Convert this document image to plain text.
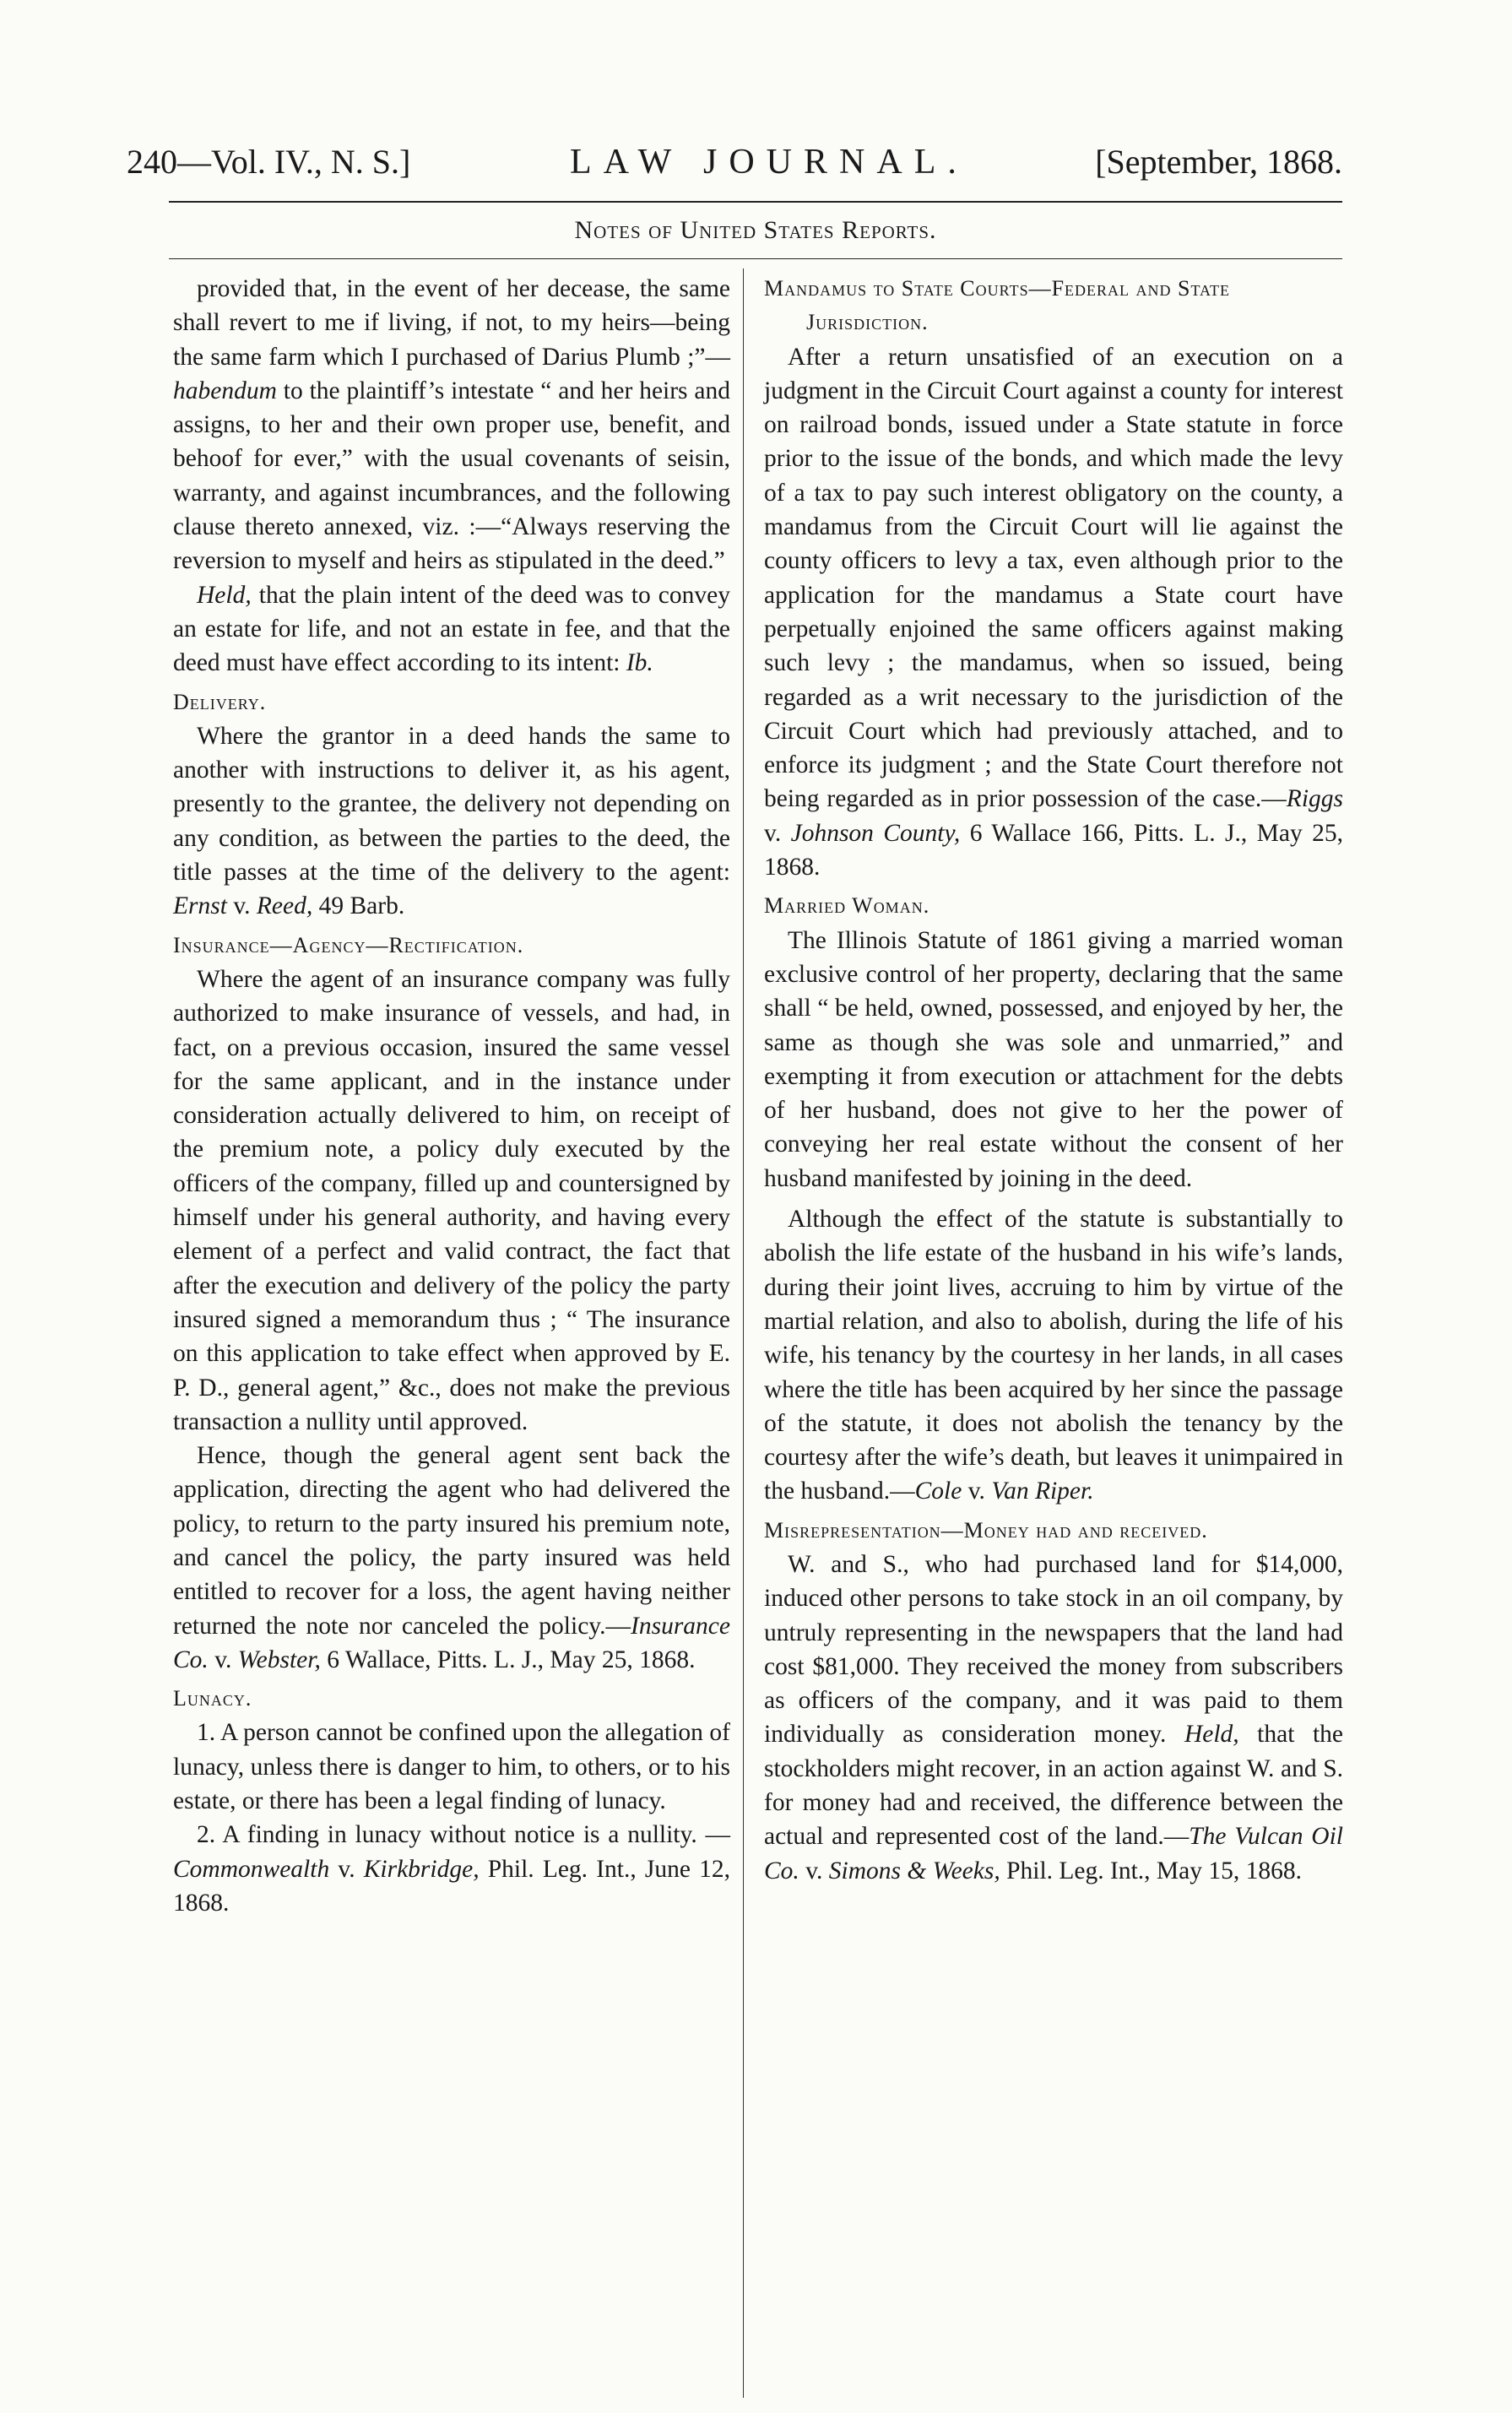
240—Vol. IV., N. S.]	LAW JOURNAL.	[September, 1868.
Notes of United States Reports.

provided that, in the event of her decease, the same shall revert to me if living, if not, to my heirs—being the same farm which I purchased of Darius Plumb ;”—habendum to the plaintiff’s intestate “ and her heirs and assigns, to her and their own proper use, benefit, and behoof for ever,” with the usual covenants of seisin, warranty, and against incumbrances, and the following clause thereto annexed, viz. :—“Always reserving the reversion to myself and heirs as stipulated in the deed.”

Held, that the plain intent of the deed was to convey an estate for life, and not an estate in fee, and that the deed must have effect according to its intent: Ib.

Delivery.

Where the grantor in a deed hands the same to another with instructions to deliver it, as his agent, presently to the grantee, the delivery not depending on any condition, as between the parties to the deed, the title passes at the time of the delivery to the agent: Ernst v. Reed, 49 Barb.

Insurance—Agency—Rectification.

Where the agent of an insurance company was fully authorized to make insurance of vessels, and had, in fact, on a previous occasion, insured the same vessel for the same applicant, and in the instance under consideration actually delivered to him, on receipt of the premium note, a policy duly executed by the officers of the company, filled up and countersigned by himself under his general authority, and having every element of a perfect and valid contract, the fact that after the execution and delivery of the policy the party insured signed a memorandum thus ; “ The insurance on this application to take effect when approved by E. P. D., general agent,” &c., does not make the previous transaction a nullity until approved.

Hence, though the general agent sent back the application, directing the agent who had delivered the policy, to return to the party insured his premium note, and cancel the policy, the party insured was held entitled to recover for a loss, the agent having neither returned the note nor canceled the policy.—Insurance Co. v. Webster, 6 Wallace, Pitts. L. J., May 25, 1868.

Lunacy.

1. A person cannot be confined upon the allegation of lunacy, unless there is danger to him, to others, or to his estate, or there has been a legal finding of lunacy.

2. A finding in lunacy without notice is a nullity. — Commonwealth v. Kirkbridge, Phil. Leg. Int., June 12, 1868.

Mandamus to State Courts—Federal and State
Jurisdiction.

After a return unsatisfied of an execution on a judgment in the Circuit Court against a county for interest on railroad bonds, issued under a State statute in force prior to the issue of the bonds, and which made the levy of a tax to pay such interest obligatory on the county, a mandamus from the Circuit Court will lie against the county officers to levy a tax, even although prior to the application for the mandamus a State court have perpetually enjoined the same officers against making such levy ; the mandamus, when so issued, being regarded as a writ necessary to the jurisdiction of the Circuit Court which had previously attached, and to enforce its judgment ; and the State Court therefore not being regarded as in prior possession of the case.—Riggs v. Johnson County, 6 Wallace 166, Pitts. L. J., May 25, 1868.

Married Woman.

The Illinois Statute of 1861 giving a married woman exclusive control of her property, declaring that the same shall “ be held, owned, possessed, and enjoyed by her, the same as though she was sole and unmarried,” and exempting it from execution or attachment for the debts of her husband, does not give to her the power of conveying her real estate without the consent of her husband manifested by joining in the deed.

Although the effect of the statute is substantially to abolish the life estate of the husband in his wife’s lands, during their joint lives, accruing to him by virtue of the martial relation, and also to abolish, during the life of his wife, his tenancy by the courtesy in her lands, in all cases where the title has been acquired by her since the passage of the statute, it does not abolish the tenancy by the courtesy after the wife’s death, but leaves it unimpaired in the husband.—Cole v. Van Riper.

Misrepresentation—Money had and received.

W. and S., who had purchased land for $14,000, induced other persons to take stock in an oil company, by untruly representing in the newspapers that the land had cost $81,000. They received the money from subscribers as officers of the company, and it was paid to them individually as consideration money. Held, that the stockholders might recover, in an action against W. and S. for money had and received, the difference between the actual and represented cost of the land.—The Vulcan Oil Co. v. Simons & Weeks, Phil. Leg. Int., May 15, 1868.
